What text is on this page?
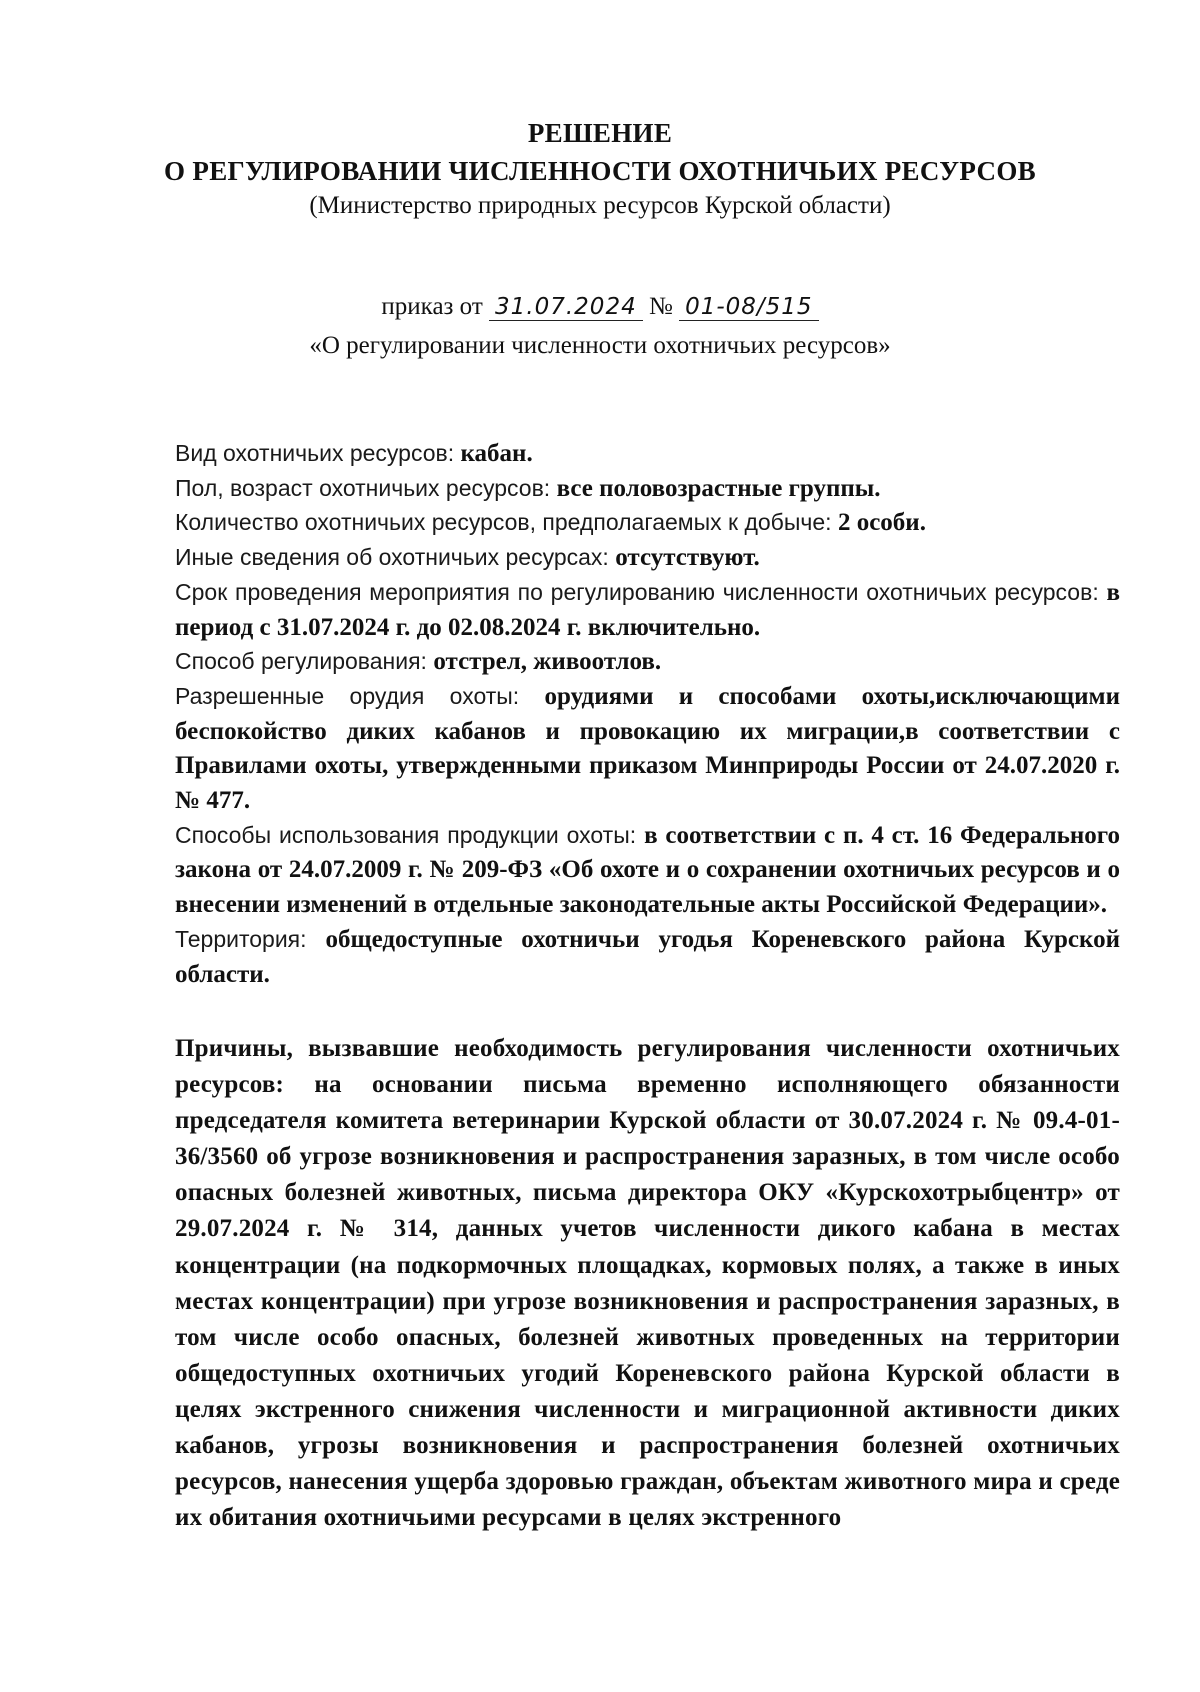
РЕШЕНИЕ
О РЕГУЛИРОВАНИИ ЧИСЛЕННОСТИ ОХОТНИЧЬИХ РЕСУРСОВ
(Министерство природных ресурсов Курской области)
приказ от 31.07.2024 № 01-08/515
«О регулировании численности охотничьих ресурсов»

Вид охотничьих ресурсов: кабан.

Пол, возраст охотничьих ресурсов: все половозрастные группы.

Количество охотничьих ресурсов, предполагаемых к добыче: 2 особи.

Иные сведения об охотничьих ресурсах: отсутствуют.

Срок проведения мероприятия по регулированию численности охотничьих ресурсов: в период с 31.07.2024 г. до 02.08.2024 г. включительно.

Способ регулирования: отстрел, живоотлов.

Разрешенные орудия охоты: орудиями и способами охоты,исключающими беспокойство диких кабанов и провокацию их миграции,в соответствии с Правилами охоты, утвержденными приказом Минприроды России от 24.07.2020 г. № 477.

Способы использования продукции охоты: в соответствии с п. 4 ст. 16 Федерального закона от 24.07.2009 г. № 209-ФЗ «Об охоте и о сохранении охотничьих ресурсов и о внесении изменений в отдельные законодательные акты Российской Федерации».

Территория: общедоступные охотничьи угодья Кореневского района Курской области.

Причины, вызвавшие необходимость регулирования численности охотничьих ресурсов: на основании письма временно исполняющего обязанности председателя комитета ветеринарии Курской области от 30.07.2024 г. № 09.4-01-36/3560 об угрозе возникновения и распространения заразных, в том числе особо опасных болезней животных, письма директора ОКУ «Курскохотрыбцентр» от 29.07.2024 г. № 314, данных учетов численности дикого кабана в местах концентрации (на подкормочных площадках, кормовых полях, а также в иных местах концентрации) при угрозе возникновения и распространения заразных, в том числе особо опасных, болезней животных проведенных на территории общедоступных охотничьих угодий Кореневского района Курской области в целях экстренного снижения численности и миграционной активности диких кабанов, угрозы возникновения и распространения болезней охотничьих ресурсов, нанесения ущерба здоровью граждан, объектам животного мира и среде их обитания охотничьими ресурсами в целях экстренного
